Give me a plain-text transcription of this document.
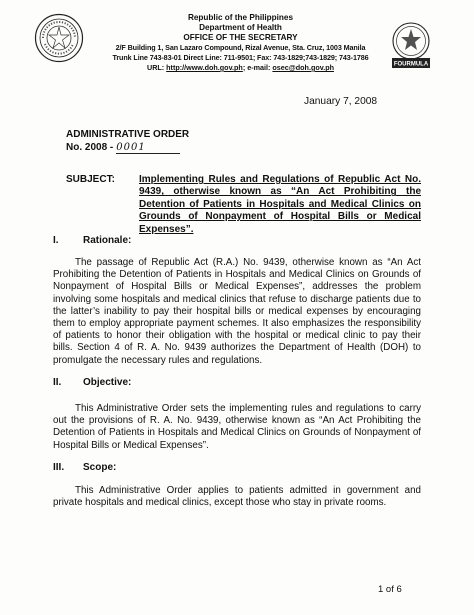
Republic of the Philippines
Department of Health
OFFICE OF THE SECRETARY
2/F Building 1, San Lazaro Compound, Rizal Avenue, Sta. Cruz, 1003 Manila
Trunk Line 743-83-01 Direct Line: 711-9501; Fax: 743-1829;743-1829; 743-1786
URL: http://www.doh.gov.ph; e-mail: osec@doh.gov.ph	FOURMULA
January 7, 2008
ADMINISTRATIVE ORDER
No. 2008 - 0001
SUBJECT: Implementing Rules and Regulations of Republic Act No. 9439, otherwise known as “An Act Prohibiting the Detention of Patients in Hospitals and Medical Clinics on Grounds of Nonpayment of Hospital Bills or Medical Expenses”.
I. Rationale:
The passage of Republic Act (R.A.) No. 9439, otherwise known as “An Act Prohibiting the Detention of Patients in Hospitals and Medical Clinics on Grounds of Nonpayment of Hospital Bills or Medical Expenses”, addresses the problem involving some hospitals and medical clinics that refuse to discharge patients due to the latter’s inability to pay their hospital bills or medical expenses by encouraging them to employ appropriate payment schemes. It also emphasizes the responsibility of patients to honor their obligation with the hospital or medical clinic to pay their bills. Section 4 of R. A. No. 9439 authorizes the Department of Health (DOH) to promulgate the necessary rules and regulations.
II. Objective:
This Administrative Order sets the implementing rules and regulations to carry out the provisions of R. A. No. 9439, otherwise known as “An Act Prohibiting the Detention of Patients in Hospitals and Medical Clinics on Grounds of Nonpayment of Hospital Bills or Medical Expenses”.
III. Scope:
This Administrative Order applies to patients admitted in government and private hospitals and medical clinics, except those who stay in private rooms.
1 of 6
